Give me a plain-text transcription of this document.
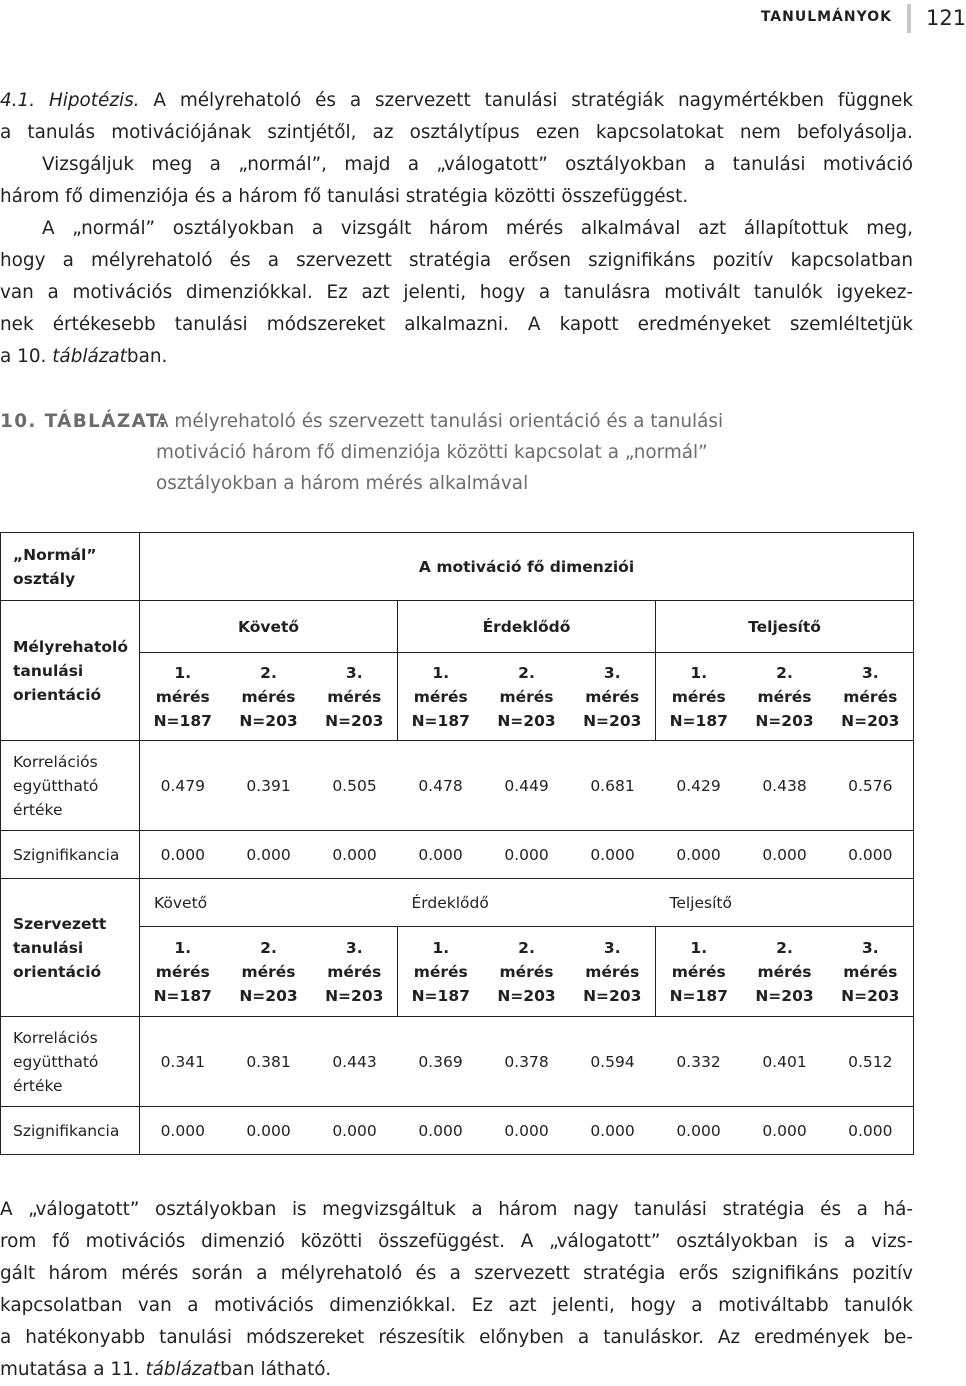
TANULMÁNYOK 121
4.1. Hipotézis. A mélyrehatoló és a szervezett tanulási stratégiák nagymértékben függnek
a tanulás motivációjának szintjétől, az osztálytípus ezen kapcsolatokat nem befolyásolja.
Vizsgáljuk meg a „normál”, majd a „válogatott” osztályokban a tanulási motiváció
három fő dimenziója és a három fő tanulási stratégia közötti összefüggést.
A „normál” osztályokban a vizsgált három mérés alkalmával azt állapítottuk meg,
hogy a mélyrehatoló és a szervezett stratégia erősen szignifikáns pozitív kapcsolatban
van a motivációs dimenziókkal. Ez azt jelenti, hogy a tanulásra motivált tanulók igyekez-
nek értékesebb tanulási módszereket alkalmazni. A kapott eredményeket szemléltetjük
a 10. táblázatban.
10. TÁBLÁZAT:
A mélyrehatoló és szervezett tanulási orientáció és a tanulási
motiváció három fő dimenziója közötti kapcsolat a „normál”
osztályokban a három mérés alkalmával
„Normál”
osztály	A motiváció fő dimenziói								
Mélyrehatoló
tanulási
orientáció	Követő			Érdeklődő			Teljesítő		
	1.
mérés
N=187	2.
mérés
N=203	3.
mérés
N=203	1.
mérés
N=187	2.
mérés
N=203	3.
mérés
N=203	1.
mérés
N=187	2.
mérés
N=203	3.
mérés
N=203
Korrelációs
együttható
értéke	0.479	0.391	0.505	0.478	0.449	0.681	0.429	0.438	0.576
Szignifikancia	0.000	0.000	0.000	0.000	0.000	0.000	0.000	0.000	0.000
Szervezett
tanulási
orientáció	Követő			Érdeklődő			Teljesítő		
	1.
mérés
N=187	2.
mérés
N=203	3.
mérés
N=203	1.
mérés
N=187	2.
mérés
N=203	3.
mérés
N=203	1.
mérés
N=187	2.
mérés
N=203	3.
mérés
N=203
Korrelációs
együttható
értéke	0.341	0.381	0.443	0.369	0.378	0.594	0.332	0.401	0.512
Szignifikancia	0.000	0.000	0.000	0.000	0.000	0.000	0.000	0.000	0.000
A „válogatott” osztályokban is megvizsgáltuk a három nagy tanulási stratégia és a há-
rom fő motivációs dimenzió közötti összefüggést. A „válogatott” osztályokban is a vizs-
gált három mérés során a mélyrehatoló és a szervezett stratégia erős szignifikáns pozitív
kapcsolatban van a motivációs dimenziókkal. Ez azt jelenti, hogy a motiváltabb tanulók
a hatékonyabb tanulási módszereket részesítik előnyben a tanuláskor. Az eredmények be-
mutatása a 11. táblázatban látható.
